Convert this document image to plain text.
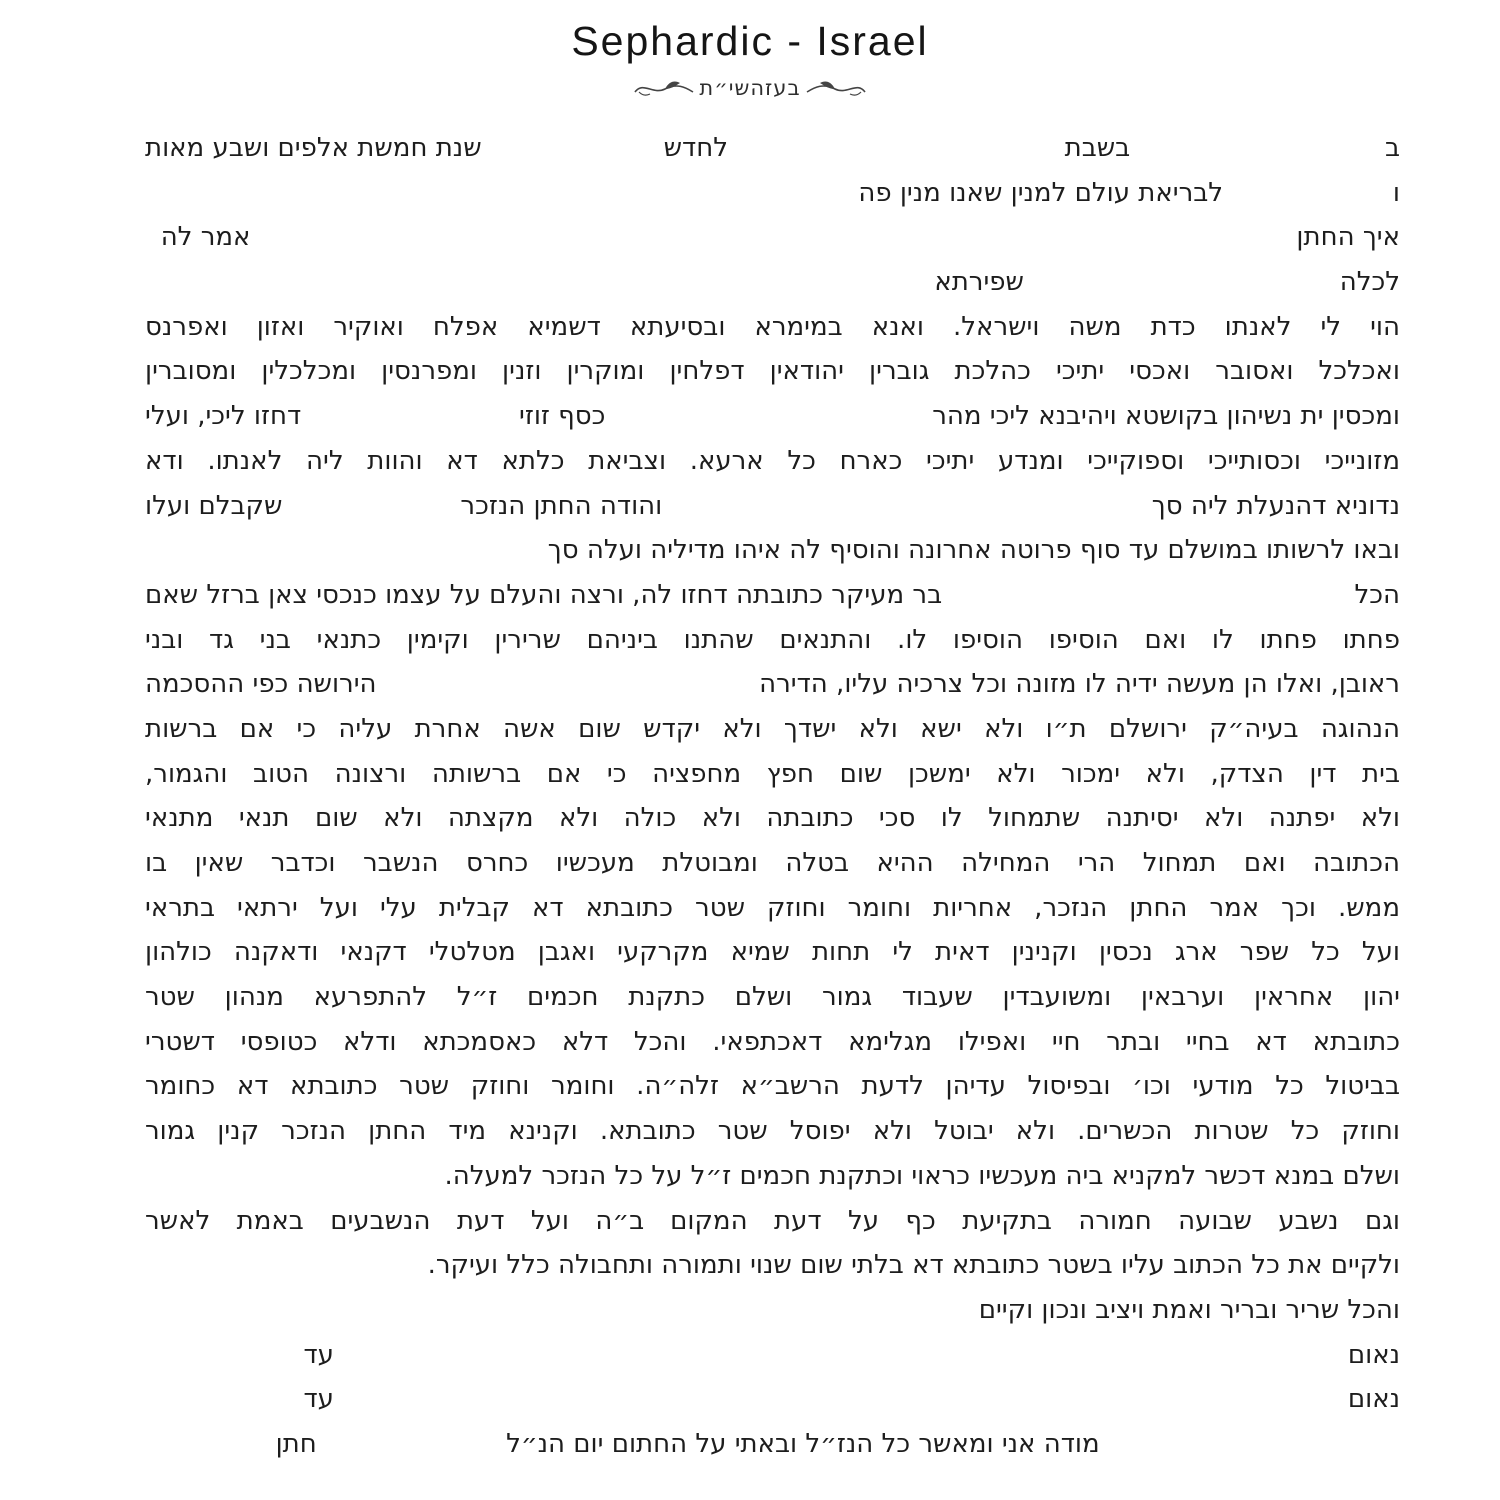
Sephardic - Israel
בעזהשי״ת
ב
בשבת
לחדש
שנת חמשת אלפים ושבע מאות
ו
לבריאת עולם למנין שאנו מנין פה
איך החתן
אמר לה
לכלה
שפירתא
הוי לי לאנתו כדת משה וישראל. ואנא במימרא ובסיעתא דשמיא אפלח ואוקיר ואזון ואפרנס
ואכלכל ואסובר ואכסי יתיכי כהלכת גוברין יהודאין דפלחין ומוקרין וזנין ומפרנסין ומכלכלין ומסוברין
ומכסין ית נשיהון בקושטא ויהיבנא ליכי מהר
כסף זוזי
דחזו ליכי, ועלי
מזונייכי וכסותייכי וספוקייכי ומנדע יתיכי כארח כל ארעא. וצביאת כלתא דא והוות ליה לאנתו. ודא
נדוניא דהנעלת ליה סך
והודה החתן הנזכר
שקבלם ועלו
ובאו לרשותו במושלם עד סוף פרוטה אחרונה והוסיף לה איהו מדיליה ועלה סך
הכל
בר מעיקר כתובתה דחזו לה, ורצה והעלם על עצמו כנכסי צאן ברזל שאם
פחתו פחתו לו ואם הוסיפו הוסיפו לו. והתנאים שהתנו ביניהם שרירין וקימין כתנאי בני גד ובני
ראובן, ואלו הן מעשה ידיה לו מזונה וכל צרכיה עליו, הדירה
הירושה כפי ההסכמה
הנהוגה בעיה״ק ירושלם ת״ו ולא ישא ולא ישדך ולא יקדש שום אשה אחרת עליה כי אם ברשות
בית דין הצדק, ולא ימכור ולא ימשכן שום חפץ מחפציה כי אם ברשותה ורצונה הטוב והגמור,
ולא יפתנה ולא יסיתנה שתמחול לו סכי כתובתה ולא כולה ולא מקצתה ולא שום תנאי מתנאי
הכתובה ואם תמחול הרי המחילה ההיא בטלה ומבוטלת מעכשיו כחרס הנשבר וכדבר שאין בו
ממש. וכך אמר החתן הנזכר, אחריות וחומר וחוזק שטר כתובתא דא קבלית עלי ועל ירתאי בתראי
ועל כל שפר ארג נכסין וקנינין דאית לי תחות שמיא מקרקעי ואגבן מטלטלי דקנאי ודאקנה כולהון
יהון אחראין וערבאין ומשועבדין שעבוד גמור ושלם כתקנת חכמים ז״ל להתפרעא מנהון שטר
כתובתא דא בחיי ובתר חיי ואפילו מגלימא דאכתפאי. והכל דלא כאסמכתא ודלא כטופסי דשטרי
בביטול כל מודעי וכו׳ ובפיסול עדיהן לדעת הרשב״א זלה״ה. וחומר וחוזק שטר כתובתא דא כחומר
וחוזק כל שטרות הכשרים. ולא יבוטל ולא יפוסל שטר כתובתא. וקנינא מיד החתן הנזכר קנין גמור
ושלם במנא דכשר למקניא ביה מעכשיו כראוי וכתקנת חכמים ז״ל על כל הנזכר למעלה.
וגם נשבע שבועה חמורה בתקיעת כף על דעת המקום ב״ה ועל דעת הנשבעים באמת לאשר
ולקיים את כל הכתוב עליו בשטר כתובתא דא בלתי שום שנוי ותמורה ותחבולה כלל ועיקר.
והכל שריר ובריר ואמת ויציב ונכון וקיים
נאום
עד
נאום
עד
מודה אני ומאשר כל הנז״ל ובאתי על החתום יום הנ״ל
חתן
